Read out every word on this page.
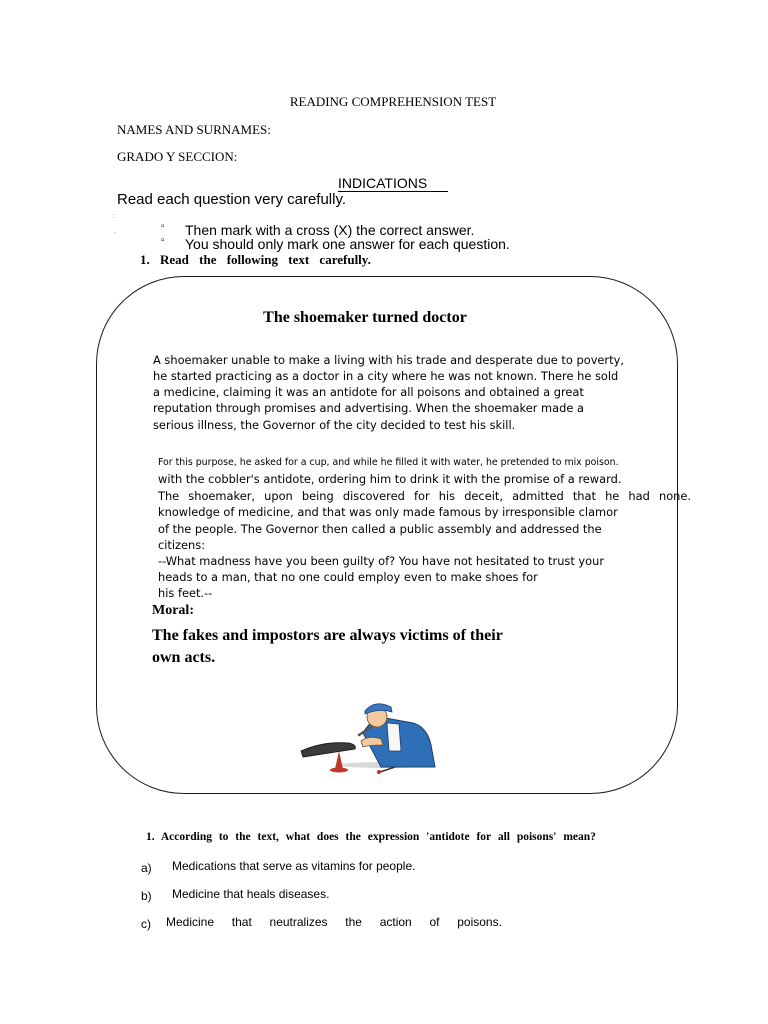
READING COMPREHENSION TEST
NAMES AND SURNAMES:
GRADO Y SECCION:
INDICATIONS
Read each question very carefully.
:
.	▫ Then mark with a cross (X) the correct answer.
▫ You should only mark one answer for each question.
1. Read the following text carefully.
The shoemaker turned doctor
A shoemaker unable to make a living with his trade and desperate due to poverty,
he started practicing as a doctor in a city where he was not known. There he sold
a medicine, claiming it was an antidote for all poisons and obtained a great
reputation through promises and advertising. When the shoemaker made a
serious illness, the Governor of the city decided to test his skill.
For this purpose, he asked for a cup, and while he filled it with water, he pretended to mix poison.
with the cobbler's antidote, ordering him to drink it with the promise of a reward.
The shoemaker, upon being discovered for his deceit, admitted that he had none.
knowledge of medicine, and that was only made famous by irresponsible clamor
of the people. The Governor then called a public assembly and addressed the
citizens:
--What madness have you been guilty of? You have not hesitated to trust your
heads to a man, that no one could employ even to make shoes for
his feet.--
Moral:
The fakes and impostors are always victims of their
own acts.
1. According to the text, what does the expression 'antidote for all poisons' mean?
a) Medications that serve as vitamins for people.
b) Medicine that heals diseases.
c) Medicine that neutralizes the action of poisons.
